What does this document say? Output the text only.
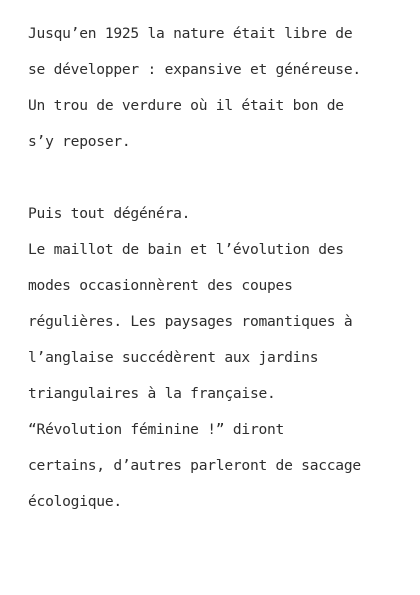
Jusqu’en 1925 la nature était libre de
se développer : expansive et généreuse.
Un trou de verdure où il était bon de
s’y reposer.
Puis tout dégénéra.
Le maillot de bain et l’évolution des
modes occasionnèrent des coupes
régulières. Les paysages romantiques à
l’anglaise succédèrent aux jardins
triangulaires à la française.
“Révolution féminine !” diront
certains, d’autres parleront de saccage
écologique.
